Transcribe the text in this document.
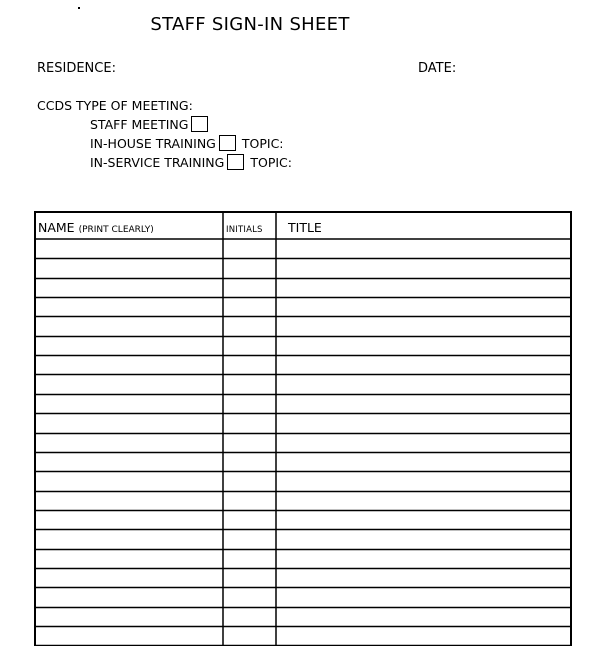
STAFF SIGN-IN SHEET
RESIDENCE:	DATE:
CCDS TYPE OF MEETING:
STAFF MEETING
IN-HOUSE TRAINING TOPIC:
IN-SERVICE TRAINING TOPIC:
NAME (PRINT CLEARLY)	INITIALS TITLE
